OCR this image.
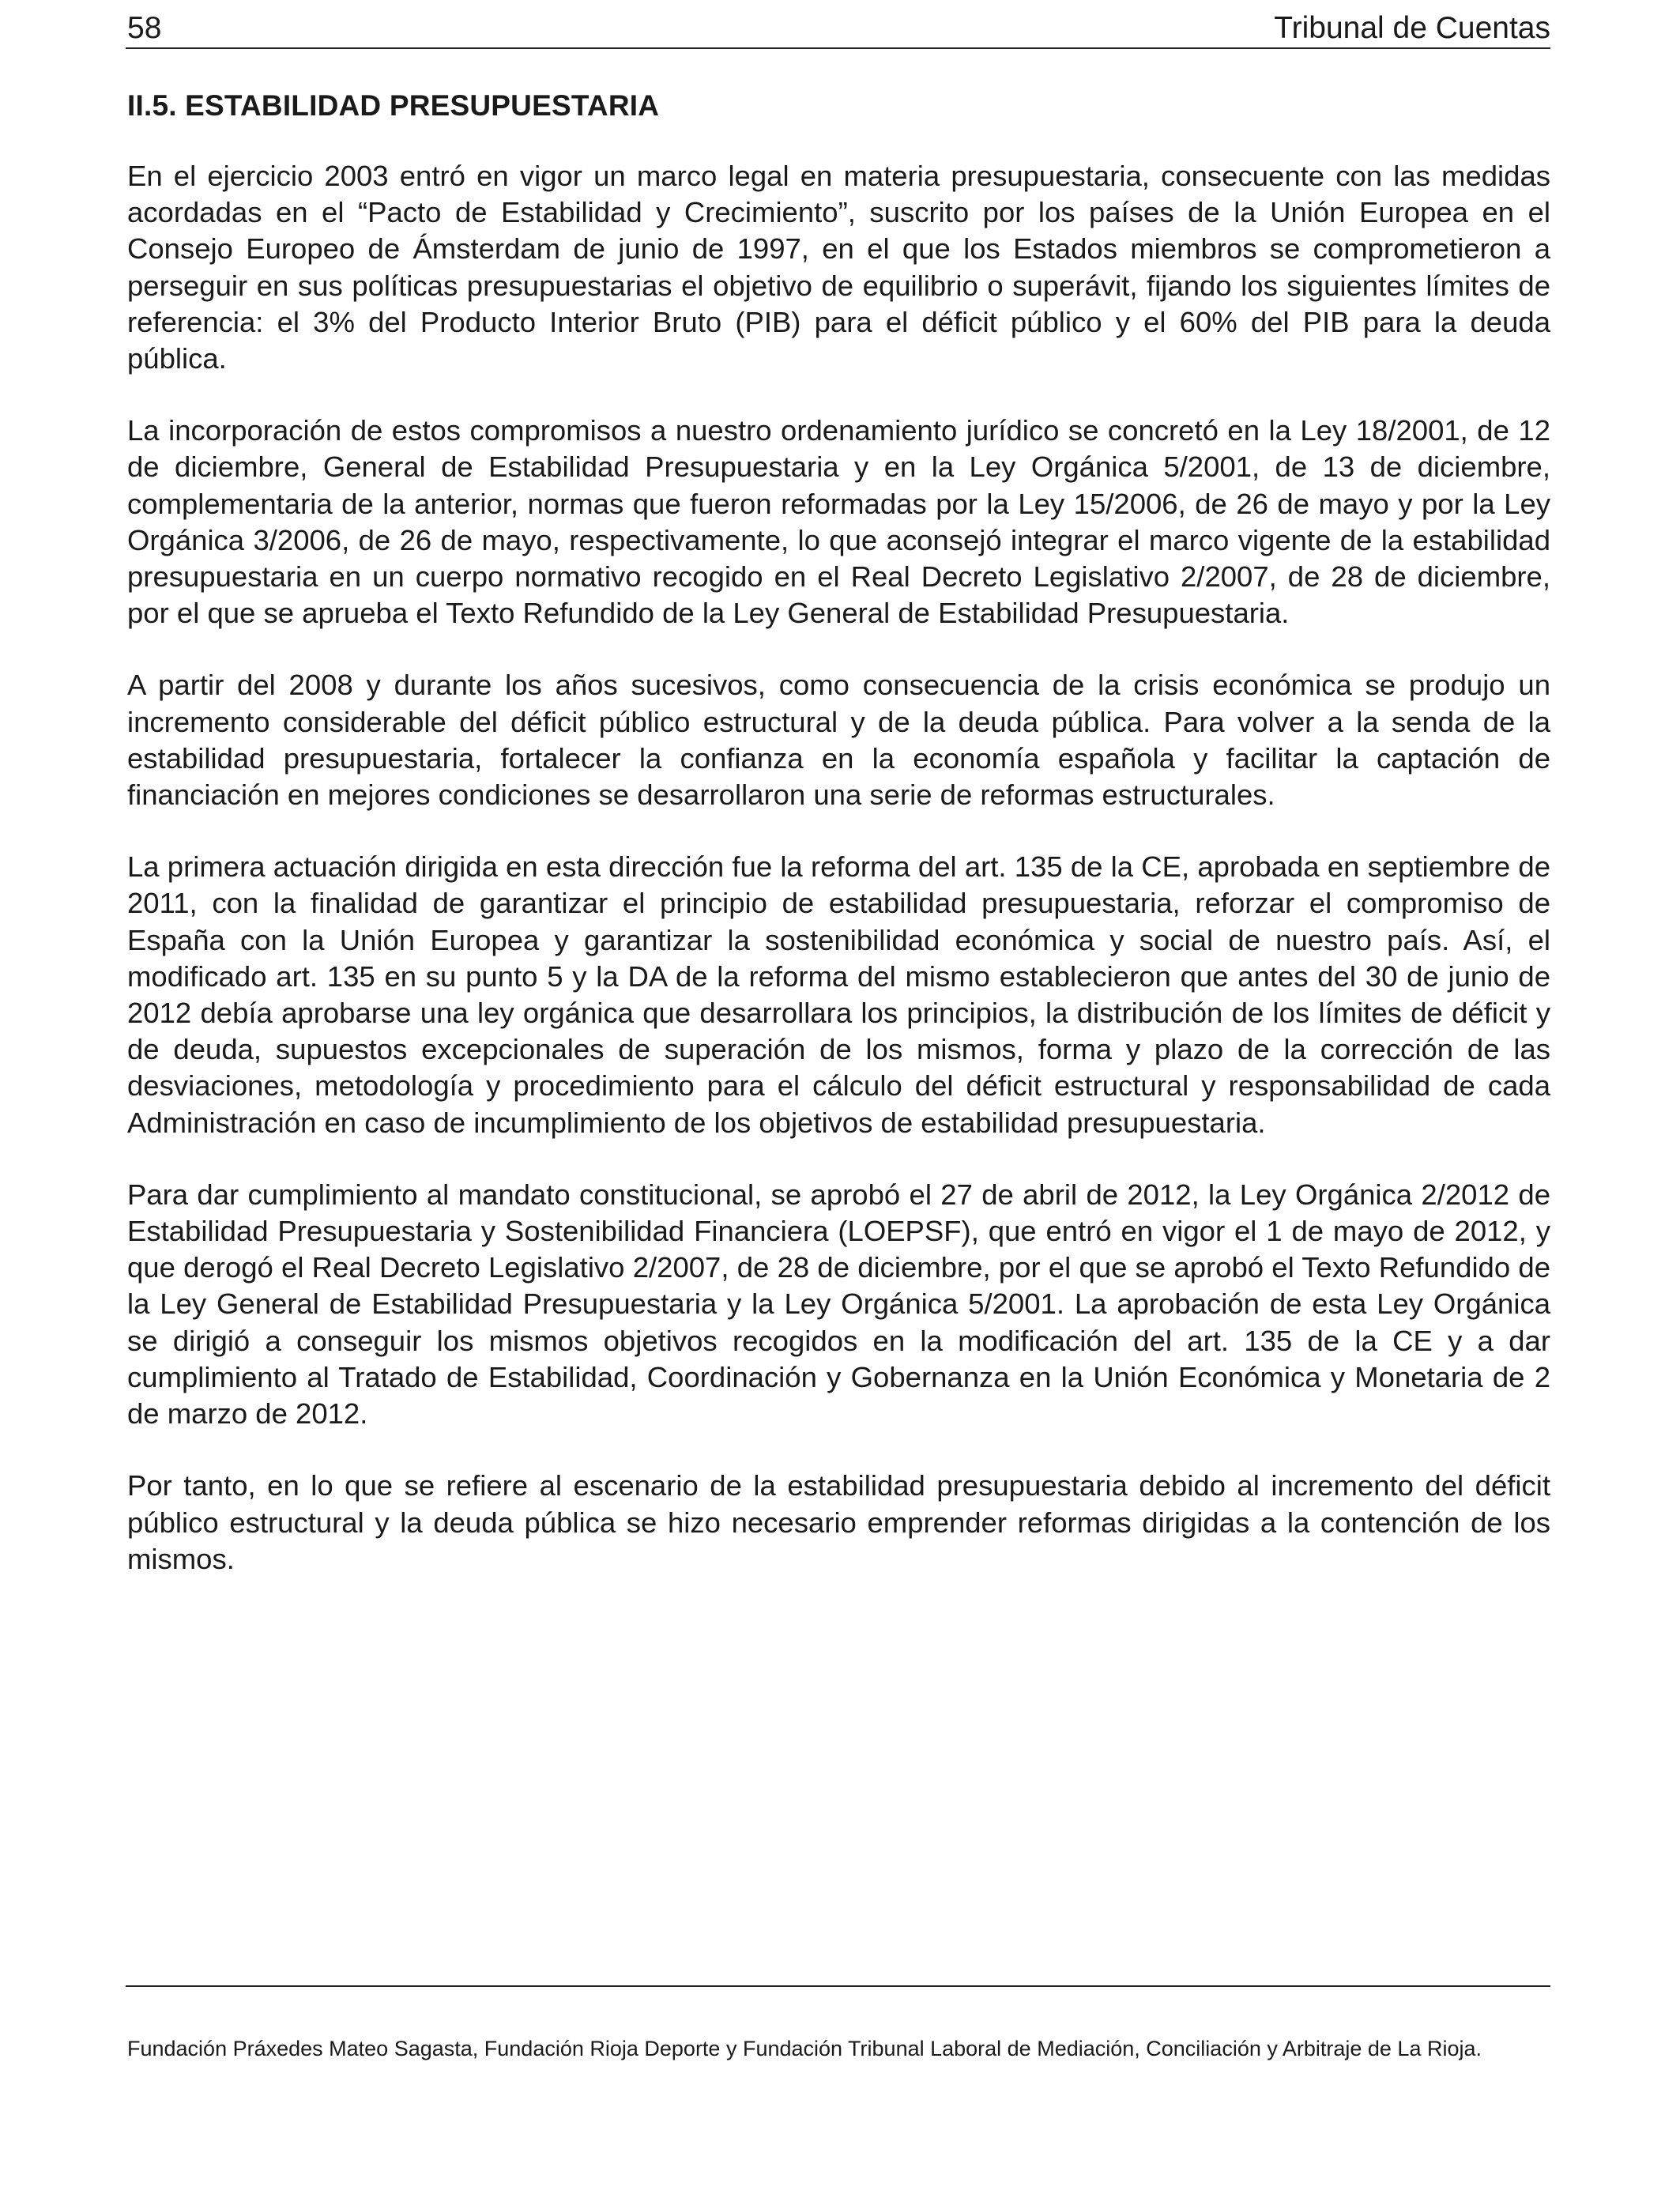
58	Tribunal de Cuentas
II.5. ESTABILIDAD PRESUPUESTARIA

En el ejercicio 2003 entró en vigor un marco legal en materia presupuestaria, consecuente con las medidas acordadas en el “Pacto de Estabilidad y Crecimiento”, suscrito por los países de la Unión Europea en el Consejo Europeo de Ámsterdam de junio de 1997, en el que los Estados miembros se comprometieron a perseguir en sus políticas presupuestarias el objetivo de equilibrio o superávit, fijando los siguientes límites de referencia: el 3% del Producto Interior Bruto (PIB) para el déficit público y el 60% del PIB para la deuda pública.

La incorporación de estos compromisos a nuestro ordenamiento jurídico se concretó en la Ley 18/2001, de 12 de diciembre, General de Estabilidad Presupuestaria y en la Ley Orgánica 5/2001, de 13 de diciembre, complementaria de la anterior, normas que fueron reformadas por la Ley 15/2006, de 26 de mayo y por la Ley Orgánica 3/2006, de 26 de mayo, respectivamente, lo que aconsejó integrar el marco vigente de la estabilidad presupuestaria en un cuerpo normativo recogido en el Real Decreto Legislativo 2/2007, de 28 de diciembre, por el que se aprueba el Texto Refundido de la Ley General de Estabilidad Presupuestaria.

A partir del 2008 y durante los años sucesivos, como consecuencia de la crisis económica se produjo un incremento considerable del déficit público estructural y de la deuda pública. Para volver a la senda de la estabilidad presupuestaria, fortalecer la confianza en la economía española y facilitar la captación de financiación en mejores condiciones se desarrollaron una serie de reformas estructurales.

La primera actuación dirigida en esta dirección fue la reforma del art. 135 de la CE, aprobada en septiembre de 2011, con la finalidad de garantizar el principio de estabilidad presupuestaria, reforzar el compromiso de España con la Unión Europea y garantizar la sostenibilidad económica y social de nuestro país. Así, el modificado art. 135 en su punto 5 y la DA de la reforma del mismo establecieron que antes del 30 de junio de 2012 debía aprobarse una ley orgánica que desarrollara los principios, la distribución de los límites de déficit y de deuda, supuestos excepcionales de superación de los mismos, forma y plazo de la corrección de las desviaciones, metodología y procedimiento para el cálculo del déficit estructural y responsabilidad de cada Administración en caso de incumplimiento de los objetivos de estabilidad presupuestaria.

Para dar cumplimiento al mandato constitucional, se aprobó el 27 de abril de 2012, la Ley Orgánica 2/2012 de Estabilidad Presupuestaria y Sostenibilidad Financiera (LOEPSF), que entró en vigor el 1 de mayo de 2012, y que derogó el Real Decreto Legislativo 2/2007, de 28 de diciembre, por el que se aprobó el Texto Refundido de la Ley General de Estabilidad Presupuestaria y la Ley Orgánica 5/2001. La aprobación de esta Ley Orgánica se dirigió a conseguir los mismos objetivos recogidos en la modificación del art. 135 de la CE y a dar cumplimiento al Tratado de Estabilidad, Coordinación y Gobernanza en la Unión Económica y Monetaria de 2 de marzo de 2012.

Por tanto, en lo que se refiere al escenario de la estabilidad presupuestaria debido al incremento del déficit público estructural y la deuda pública se hizo necesario emprender reformas dirigidas a la contención de los mismos.

Fundación Práxedes Mateo Sagasta, Fundación Rioja Deporte y Fundación Tribunal Laboral de Mediación, Conciliación y Arbitraje de La Rioja.
